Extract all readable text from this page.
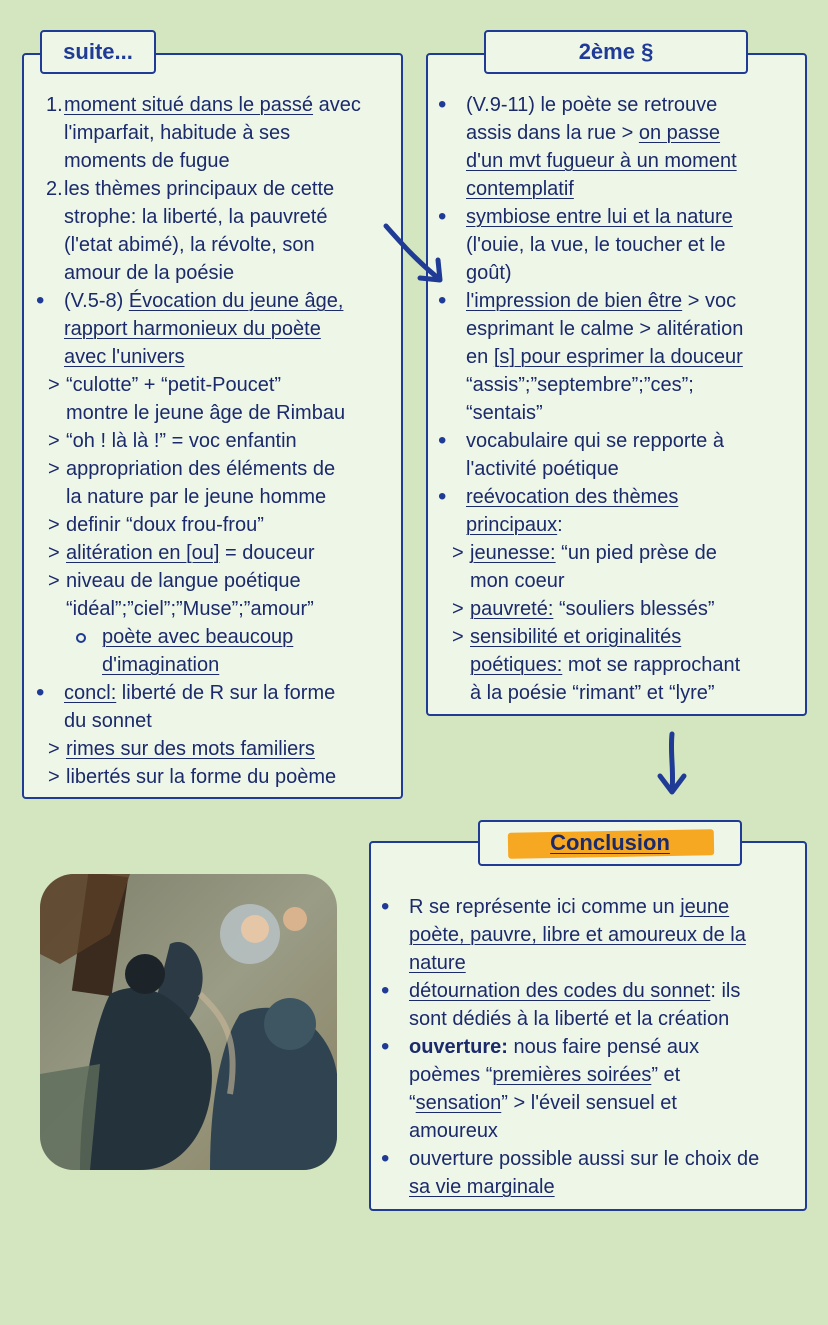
1. moment situé dans le passé avec
l'imparfait, habitude à ses
moments de fugue
2. les thèmes principaux de cette
strophe: la liberté, la pauvreté
(l'etat abimé), la révolte, son
amour de la poésie
• (V.5-8) Évocation du jeune âge,
rapport harmonieux du poète
avec l'univers
> “culotte” + “petit-Poucet”
montre le jeune âge de Rimbau
> “oh ! là là !” = voc enfantin
> appropriation des éléments de
la nature par le jeune homme
> definir “doux frou-frou”
> alitération en [ou] = douceur
> niveau de langue poétique
“idéal”;”ciel”;”Muse”;”amour”
poète avec beaucoup
d'imagination
• concl: liberté de R sur la forme
du sonnet
> rimes sur des mots familiers
> libertés sur la forme du poème
suite...
• (V.9-11) le poète se retrouve
assis dans la rue > on passe
d'un mvt fugueur à un moment
contemplatif
• symbiose entre lui et la nature
(l'ouie, la vue, le toucher et le
goût)
• l'impression de bien être > voc
esprimant le calme > alitération
en [s] pour esprimer la douceur
“assis”;”septembre”;”ces”;
“sentais”
• vocabulaire qui se repporte à
l'activité poétique
• reévocation des thèmes
principaux:
> jeunesse: “un pied prèse de
mon coeur
> pauvreté: “souliers blessés”
> sensibilité et originalités
poétiques: mot se rapprochant
à la poésie “rimant” et “lyre”
2ème §
• R se représente ici comme un jeune
poète, pauvre, libre et amoureux de la
nature
• détournation des codes du sonnet: ils
sont dédiés à la liberté et la création
• ouverture: nous faire pensé aux
poèmes “premières soirées” et
“sensation” > l'éveil sensuel et
amoureux
• ouverture possible aussi sur le choix de
sa vie marginale
Conclusion
